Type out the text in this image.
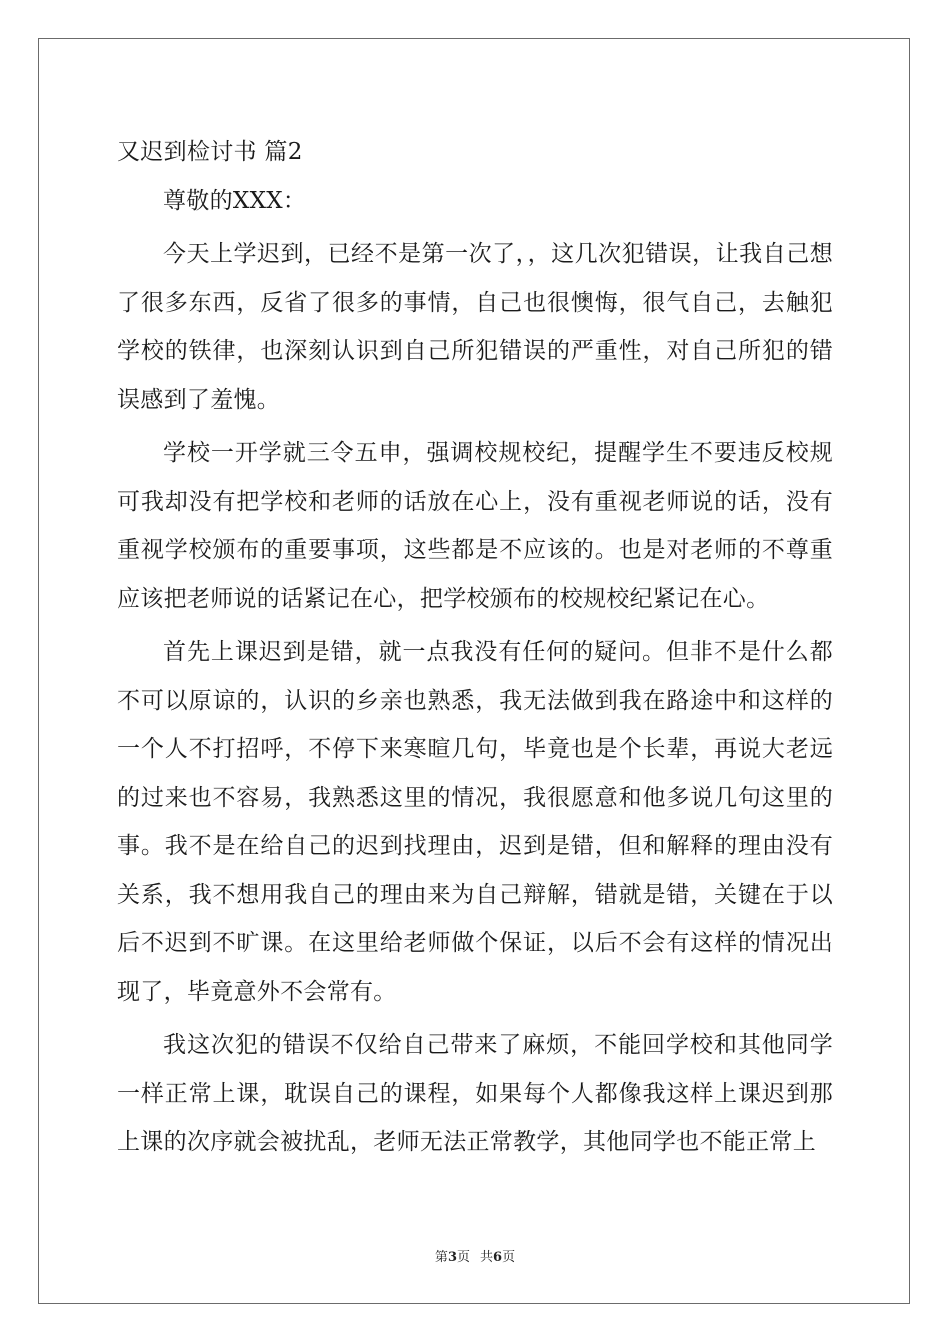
又迟到检讨书 篇2

尊敬的XXX：

今天上学迟到，已经不是第一次了，，这几次犯错误，让我自己想了很多东西，反省了很多的事情，自己也很懊悔，很气自己，去触犯学校的铁律，也深刻认识到自己所犯错误的严重性，对自己所犯的错误感到了羞愧。

学校一开学就三令五申，强调校规校纪，提醒学生不要违反校规可我却没有把学校和老师的话放在心上，没有重视老师说的话，没有重视学校颁布的重要事项，这些都是不应该的。也是对老师的不尊重应该把老师说的话紧记在心，把学校颁布的校规校纪紧记在心。

首先上课迟到是错，就一点我没有任何的疑问。但非不是什么都不可以原谅的，认识的乡亲也熟悉，我无法做到我在路途中和这样的一个人不打招呼，不停下来寒暄几句，毕竟也是个长辈，再说大老远的过来也不容易，我熟悉这里的情况，我很愿意和他多说几句这里的事。我不是在给自己的迟到找理由，迟到是错，但和解释的理由没有关系，我不想用我自己的理由来为自己辩解，错就是错，关键在于以后不迟到不旷课。在这里给老师做个保证，以后不会有这样的情况出现了，毕竟意外不会常有。

我这次犯的错误不仅给自己带来了麻烦，不能回学校和其他同学一样正常上课，耽误自己的课程，如果每个人都像我这样上课迟到那上课的次序就会被扰乱，老师无法正常教学，其他同学也不能正常上

第3页 共6页
